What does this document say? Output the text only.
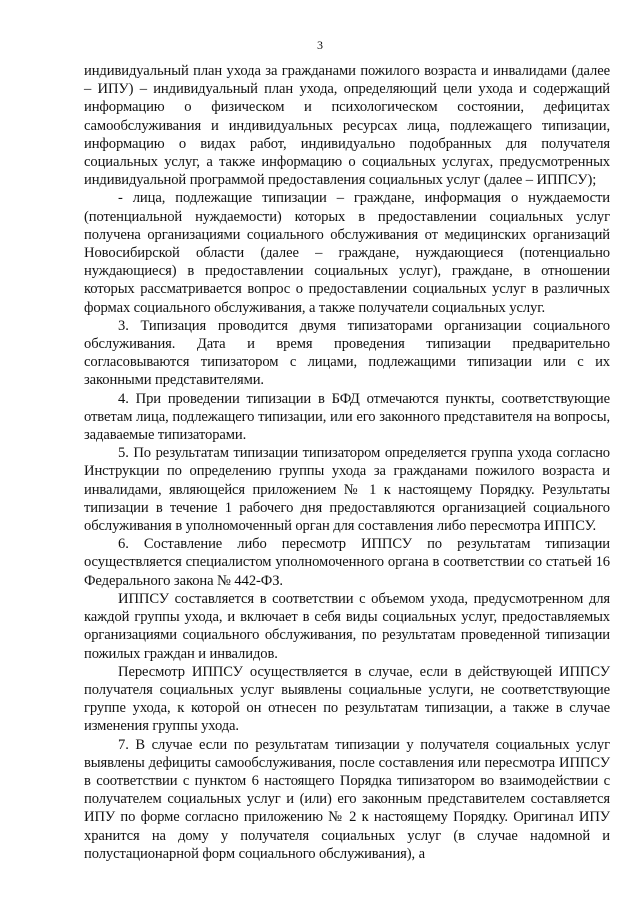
3

индивидуальный план ухода за гражданами пожилого возраста и инвалидами (далее – ИПУ) – индивидуальный план ухода, определяющий цели ухода и содержащий информацию о физическом и психологическом состоянии, дефицитах самообслуживания и индивидуальных ресурсах лица, подлежащего типизации, информацию о видах работ, индивидуально подобранных для получателя социальных услуг, а также информацию о социальных услугах, предусмотренных индивидуальной программой предоставления социальных услуг (далее – ИППСУ);

- лица, подлежащие типизации – граждане, информация о нуждаемости (потенциальной нуждаемости) которых в предоставлении социальных услуг получена организациями социального обслуживания от медицинских организаций Новосибирской области (далее – граждане, нуждающиеся (потенциально нуждающиеся) в предоставлении социальных услуг), граждане, в отношении которых рассматривается вопрос о предоставлении социальных услуг в различных формах социального обслуживания, а также получатели социальных услуг.

3. Типизация проводится двумя типизаторами организации социального обслуживания. Дата и время проведения типизации предварительно согласовываются типизатором с лицами, подлежащими типизации или с их законными представителями.

4. При проведении типизации в БФД отмечаются пункты, соответствующие ответам лица, подлежащего типизации, или его законного представителя на вопросы, задаваемые типизаторами.

5. По результатам типизации типизатором определяется группа ухода согласно Инструкции по определению группы ухода за гражданами пожилого возраста и инвалидами, являющейся приложением № 1 к настоящему Порядку. Результаты типизации в течение 1 рабочего дня предоставляются организацией социального обслуживания в уполномоченный орган для составления либо пересмотра ИППСУ.

6. Составление либо пересмотр ИППСУ по результатам типизации осуществляется специалистом уполномоченного органа в соответствии со статьей 16 Федерального закона № 442-ФЗ.

ИППСУ составляется в соответствии с объемом ухода, предусмотренном для каждой группы ухода, и включает в себя виды социальных услуг, предоставляемых организациями социального обслуживания, по результатам проведенной типизации пожилых граждан и инвалидов.

Пересмотр ИППСУ осуществляется в случае, если в действующей ИППСУ получателя социальных услуг выявлены социальные услуги, не соответствующие группе ухода, к которой он отнесен по результатам типизации, а также в случае изменения группы ухода.

7. В случае если по результатам типизации у получателя социальных услуг выявлены дефициты самообслуживания, после составления или пересмотра ИППСУ в соответствии с пунктом 6 настоящего Порядка типизатором во взаимодействии с получателем социальных услуг и (или) его законным представителем составляется ИПУ по форме согласно приложению № 2 к настоящему Порядку. Оригинал ИПУ хранится на дому у получателя социальных услуг (в случае надомной и полустационарной форм социального обслуживания), а
